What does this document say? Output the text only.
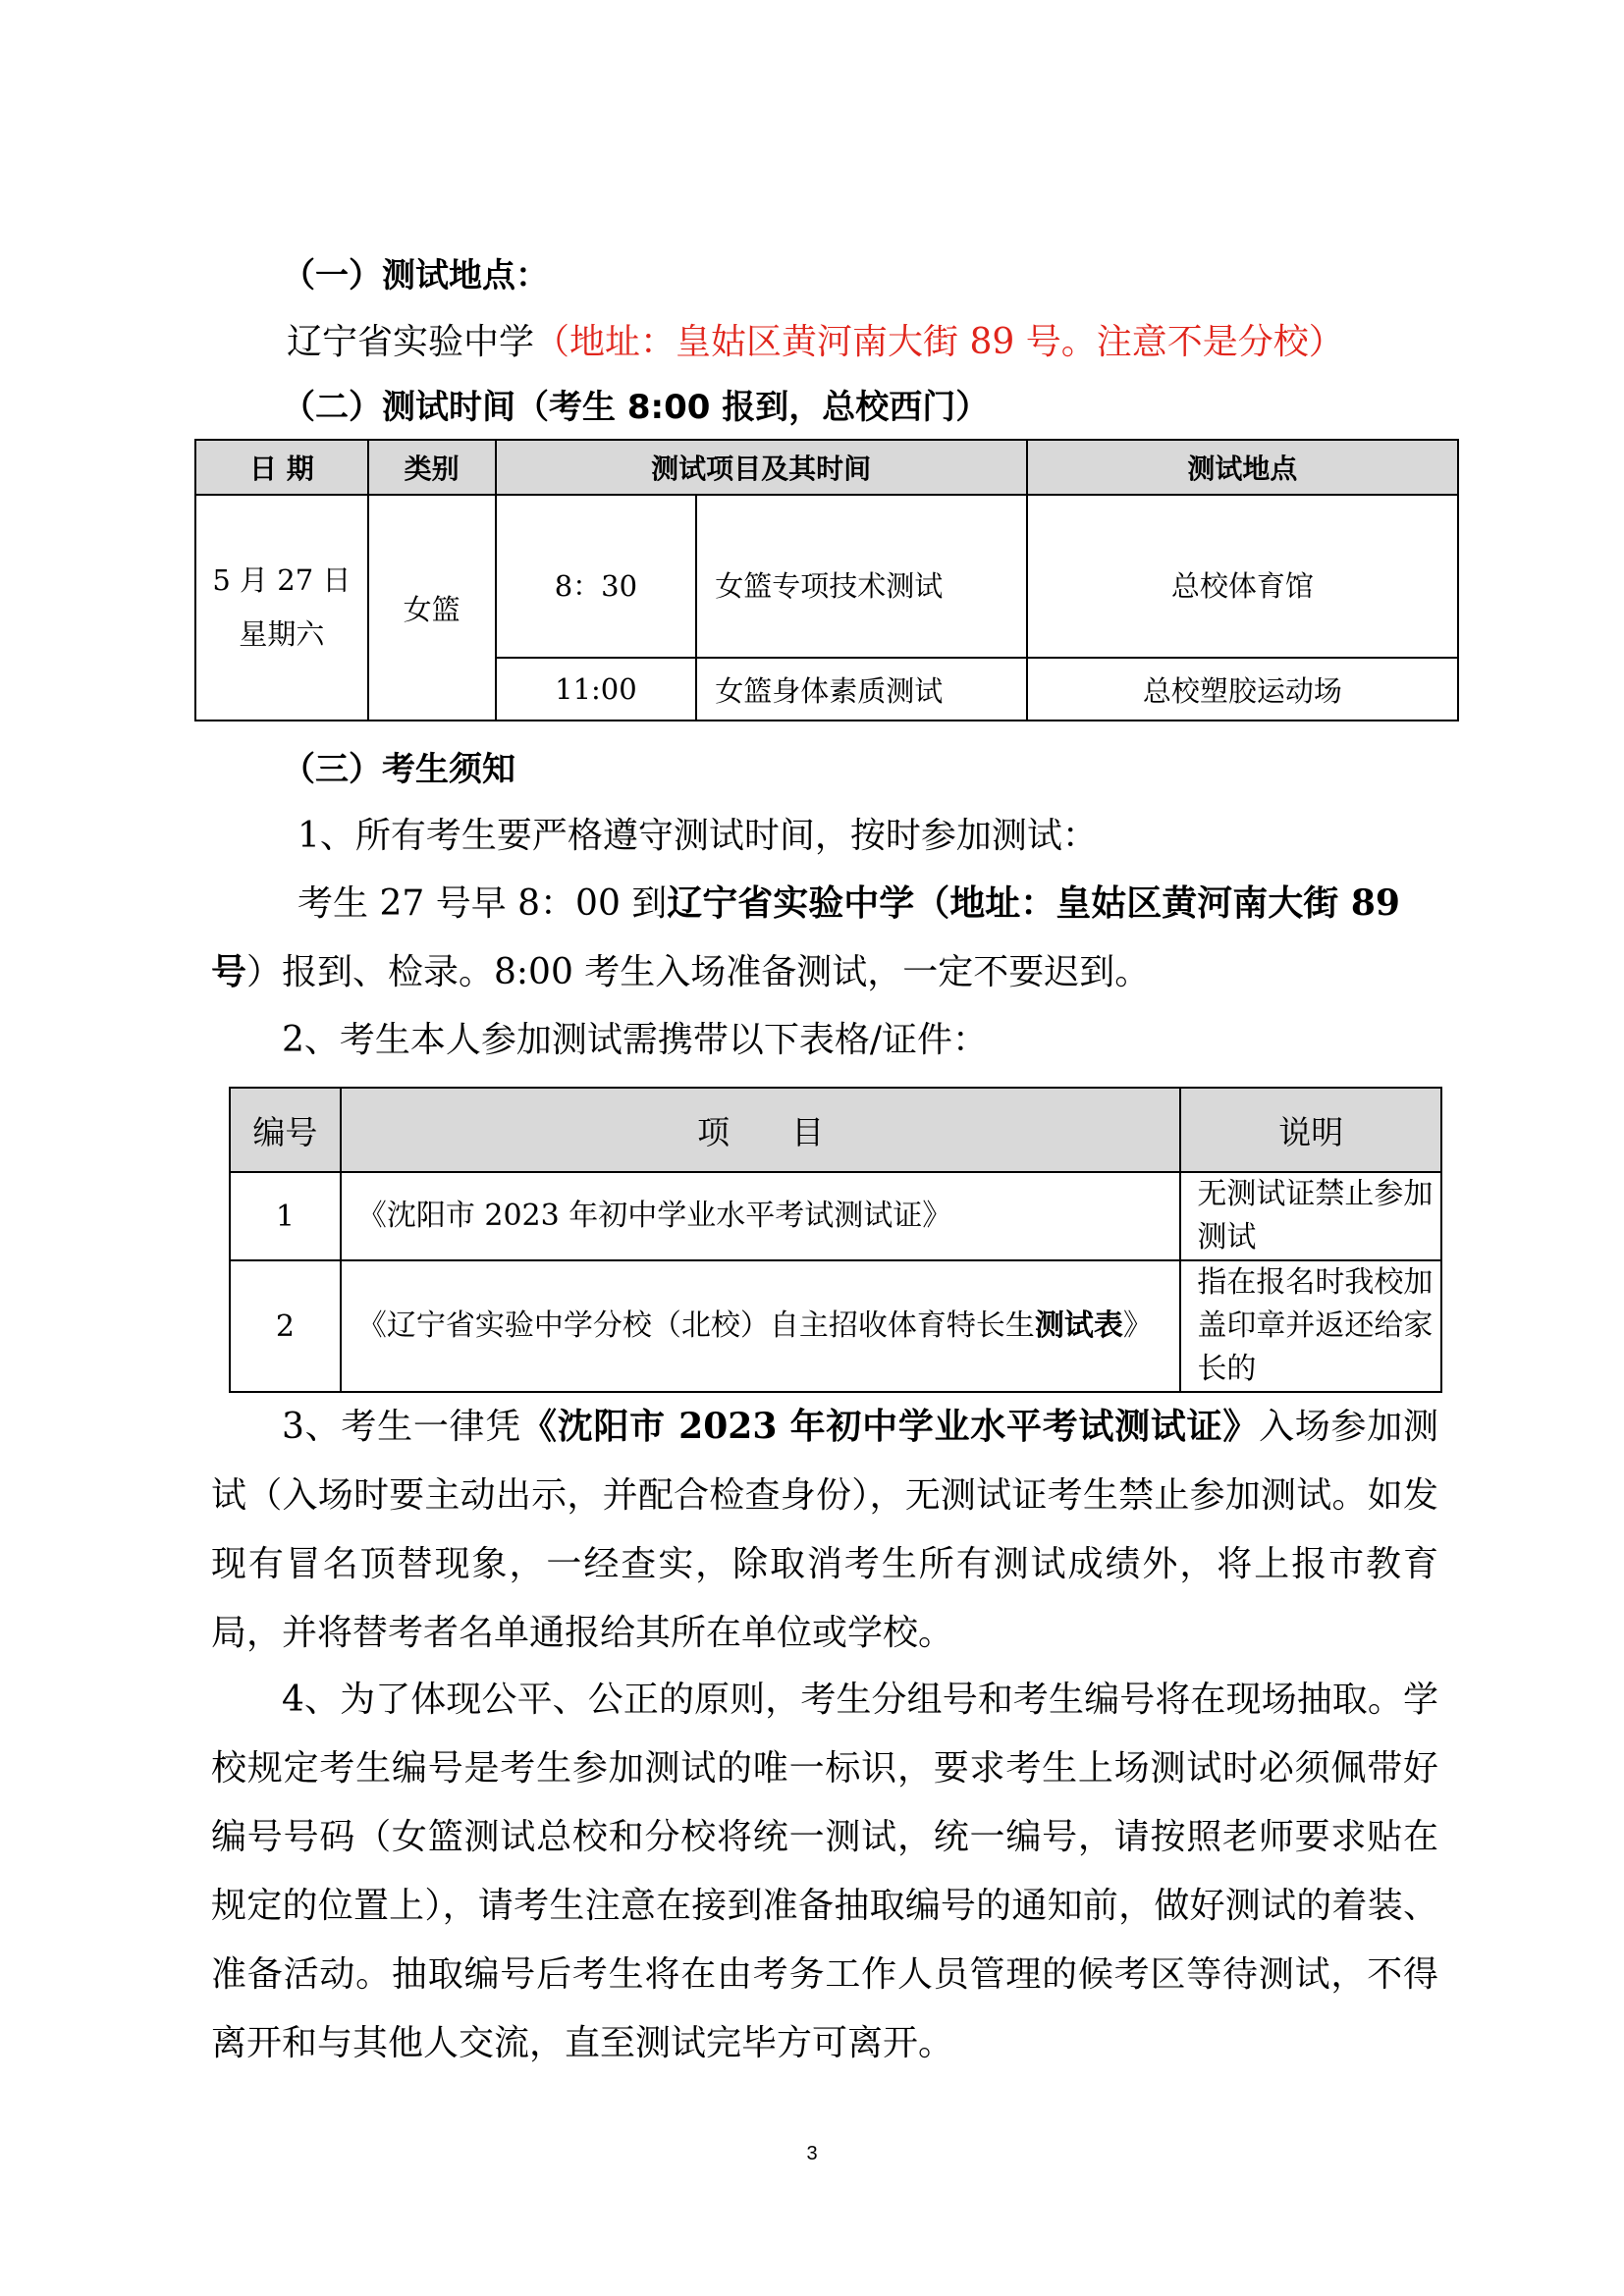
（一）测试地点：
辽宁省实验中学（地址：皇姑区黄河南大街 89 号。注意不是分校）
（二）测试时间（考生 8:00 报到，总校西门）
日 期	类别	测试项目及其时间		测试地点

5 月 27 日
星期六	女篮	8：30	女篮专项技术测试	总校体育馆
		11:00	女篮身体素质测试	总校塑胶运动场
（三）考生须知
1、所有考生要严格遵守测试时间，按时参加测试：
考生 27 号早 8：00 到辽宁省实验中学（地址：皇姑区黄河南大街 89
号）报到、检录。8:00 考生入场准备测试，一定不要迟到。
2、考生本人参加测试需携带以下表格/证件：
编号	项      目	说明
1	《沈阳市 2023 年初中学业水平考试测试证》	无测试证禁止参加测试
2	《辽宁省实验中学分校（北校）自主招收体育特长生测试表》	指在报名时我校加盖印章并返还给家长的
3、考生一律凭《沈阳市 2023 年初中学业水平考试测试证》入场参加测试（入场时要主动出示，并配合检查身份），无测试证考生禁止参加测试。如发现有冒名顶替现象，一经查实，除取消考生所有测试成绩外，将上报市教育局，并将替考者名单通报给其所在单位或学校。
4、为了体现公平、公正的原则，考生分组号和考生编号将在现场抽取。学校规定考生编号是考生参加测试的唯一标识，要求考生上场测试时必须佩带好编号号码（女篮测试总校和分校将统一测试，统一编号，请按照老师要求贴在规定的位置上），请考生注意在接到准备抽取编号的通知前，做好测试的着装、准备活动。抽取编号后考生将在由考务工作人员管理的候考区等待测试，不得离开和与其他人交流，直至测试完毕方可离开。
3
